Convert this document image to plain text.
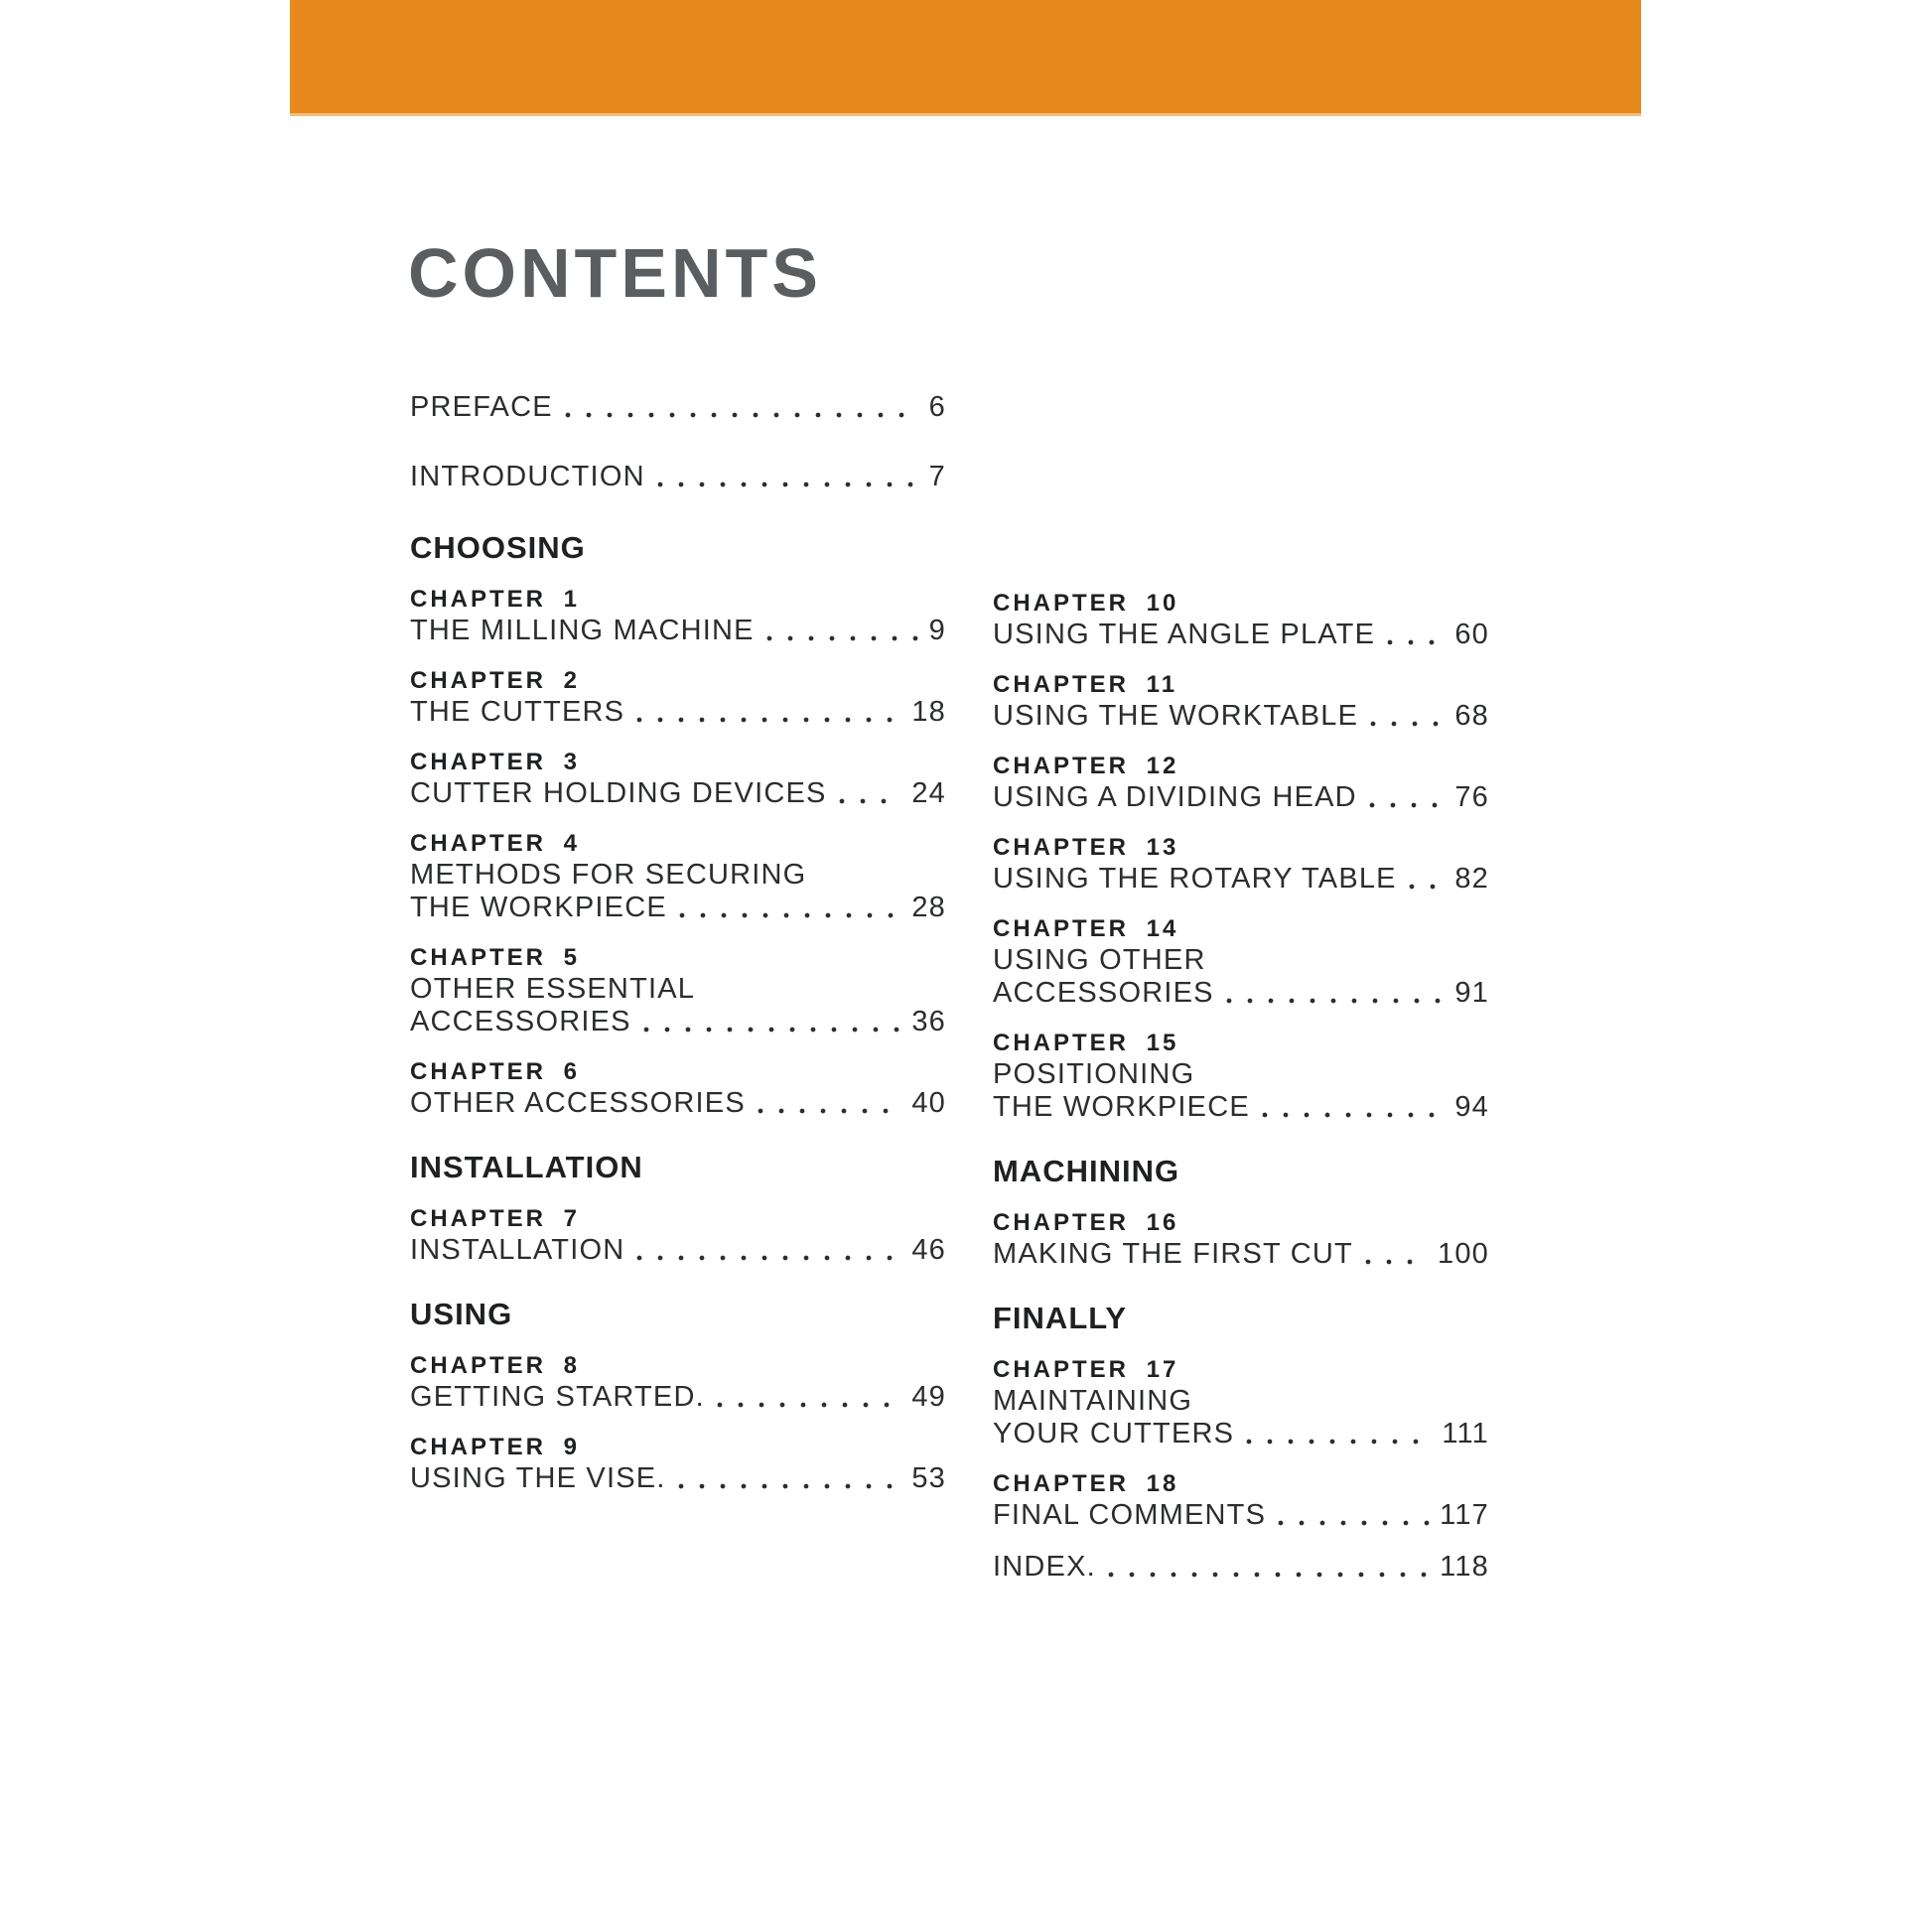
CONTENTS
PREFACE	6
INTRODUCTION	7
CHOOSING
CHAPTER 1
THE MILLING MACHINE	9
CHAPTER 2
THE CUTTERS	18
CHAPTER 3
CUTTER HOLDING DEVICES	24
CHAPTER 4
METHODS FOR SECURING
THE WORKPIECE	28
CHAPTER 5
OTHER ESSENTIAL
ACCESSORIES	36
CHAPTER 6
OTHER ACCESSORIES	40
INSTALLATION
CHAPTER 7
INSTALLATION	46
USING
CHAPTER 8
GETTING STARTED.	49
CHAPTER 9
USING THE VISE.	53
CHAPTER 10
USING THE ANGLE PLATE	60
CHAPTER 11
USING THE WORKTABLE	68
CHAPTER 12
USING A DIVIDING HEAD	76
CHAPTER 13
USING THE ROTARY TABLE 82
CHAPTER 14
USING OTHER
ACCESSORIES	91
CHAPTER 15
POSITIONING
THE WORKPIECE	94
MACHINING
CHAPTER 16
MAKING THE FIRST CUT	100
FINALLY
CHAPTER 17
MAINTAINING
YOUR CUTTERS	111
CHAPTER 18
FINAL COMMENTS	117
INDEX.	118
